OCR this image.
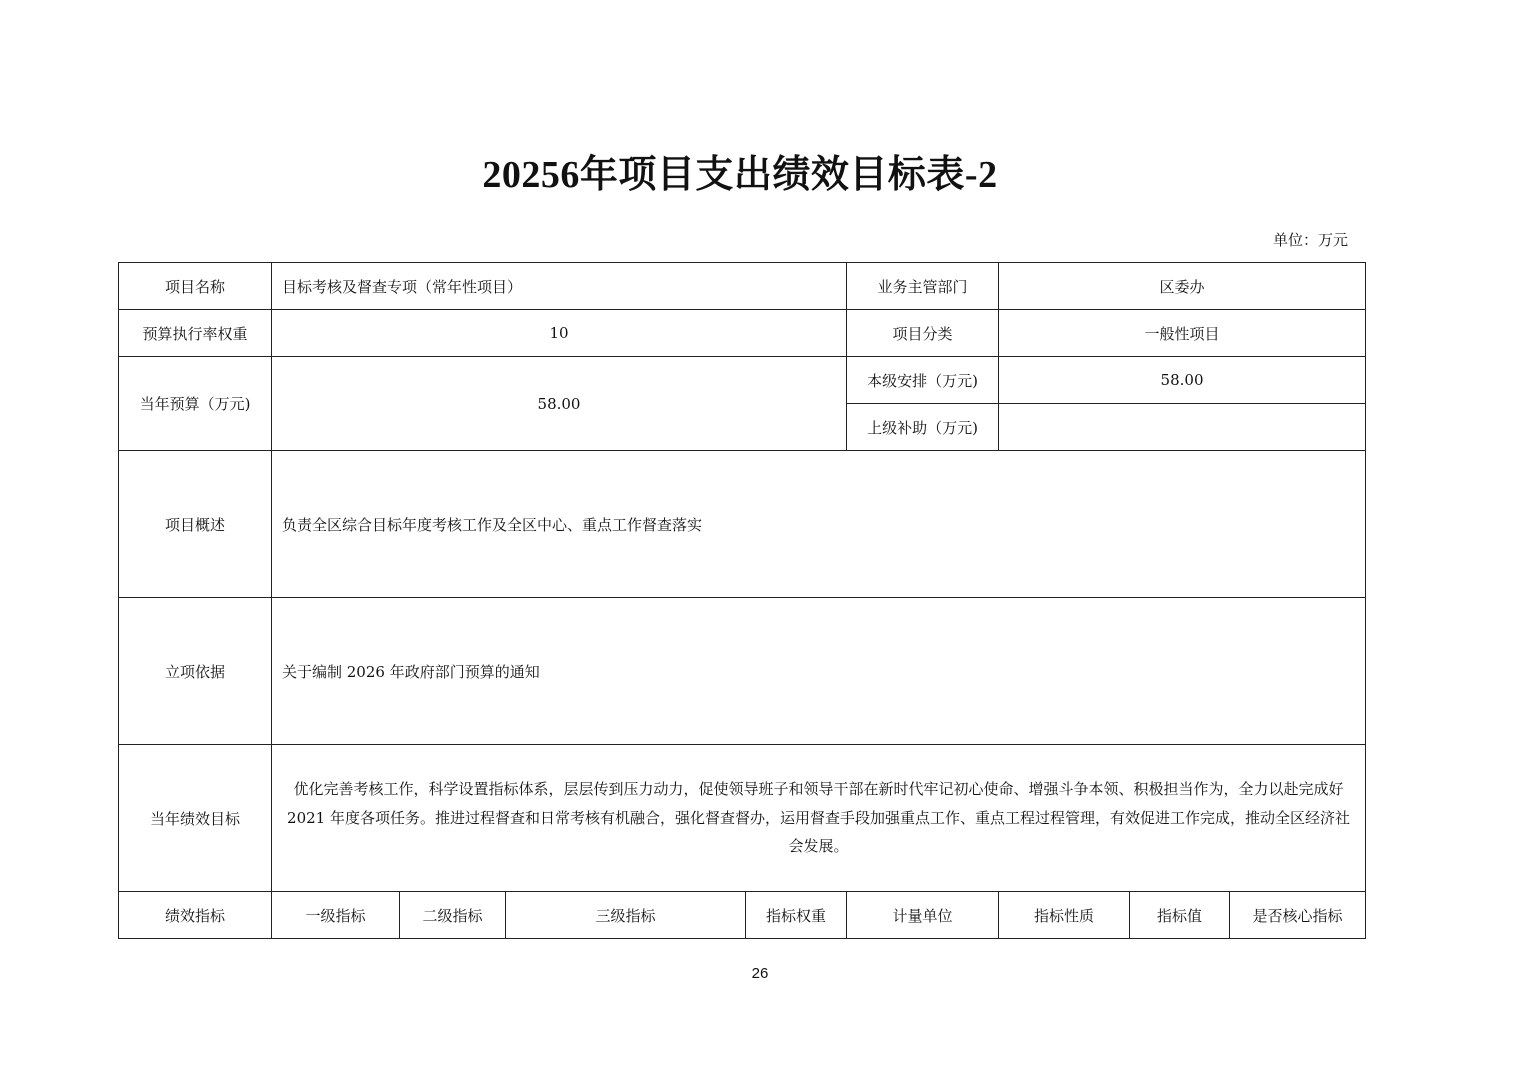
20256年项目支出绩效目标表-2
单位：万元
项目名称	目标考核及督查专项（常年性项目）				业务主管部门	区委办		
预算执行率权重	10				项目分类	一般性项目		
当年预算（万元)	58.00				本级安排（万元)	58.00		
					上级补助（万元)			
项目概述	负责全区综合目标年度考核工作及全区中心、重点工作督查落实							
立项依据	关于编制 2026 年政府部门预算的通知							
当年绩效目标	优化完善考核工作，科学设置指标体系，层层传到压力动力，促使领导班子和领导干部在新时代牢记初心使命、增强斗争本领、积极担当作为，全力以赴完成好 2021 年度各项任务。推进过程督查和日常考核有机融合，强化督查督办，运用督查手段加强重点工作、重点工程过程管理，有效促进工作完成，推动全区经济社会发展。							
绩效指标	一级指标	二级指标	三级指标	指标权重	计量单位	指标性质	指标值	是否核心指标
26
